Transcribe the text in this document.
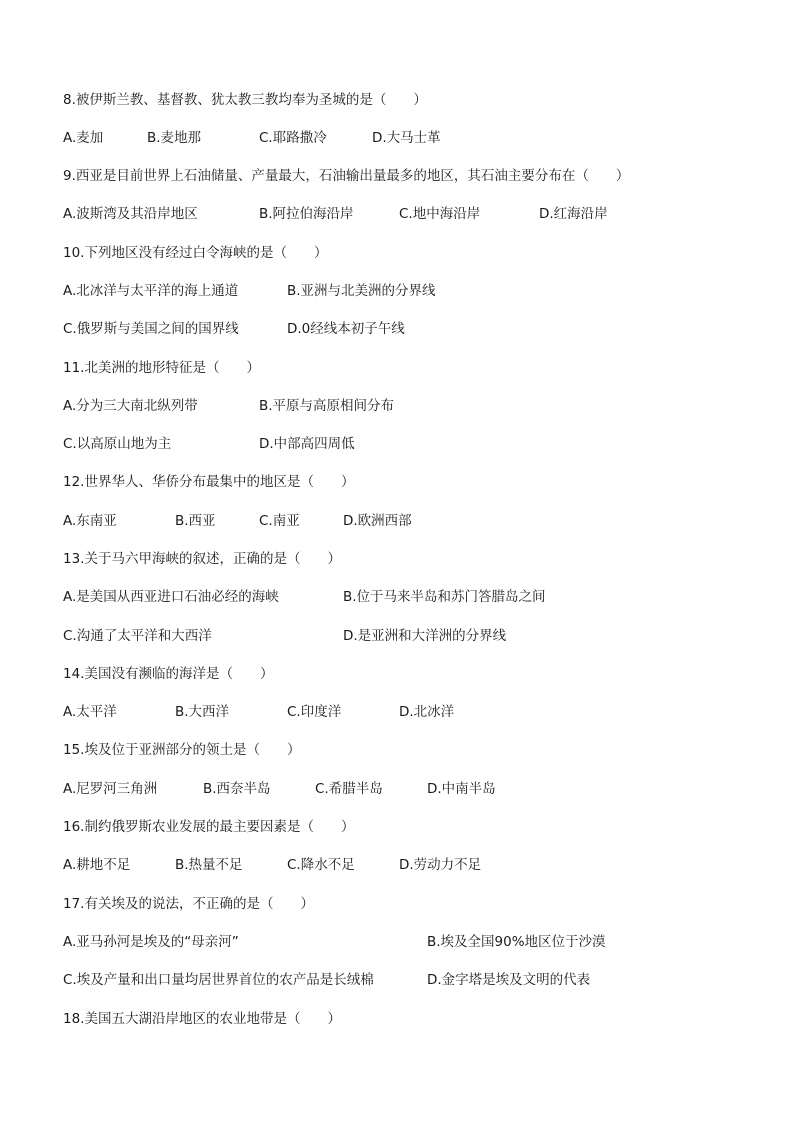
8.被伊斯兰教、基督教、犹太教三教均奉为圣城的是（　　）
A.麦加	B.麦地那	C.耶路撒冷	D.大马士革
9.西亚是目前世界上石油储量、产量最大，石油输出量最多的地区，其石油主要分布在（　　）
A.波斯湾及其沿岸地区	B.阿拉伯海沿岸	C.地中海沿岸	D.红海沿岸
10.下列地区没有经过白令海峡的是（　　）
A.北冰洋与太平洋的海上通道	B.亚洲与北美洲的分界线
C.俄罗斯与美国之间的国界线	D.0经线本初子午线
11.北美洲的地形特征是（　　）
A.分为三大南北纵列带	B.平原与高原相间分布
C.以高原山地为主	D.中部高四周低
12.世界华人、华侨分布最集中的地区是（　　）
A.东南亚	B.西亚	C.南亚	D.欧洲西部
13.关于马六甲海峡的叙述，正确的是（　　）
A.是美国从西亚进口石油必经的海峡	B.位于马来半岛和苏门答腊岛之间
C.沟通了太平洋和大西洋	D.是亚洲和大洋洲的分界线
14.美国没有濒临的海洋是（　　）
A.太平洋	B.大西洋	C.印度洋	D.北冰洋
15.埃及位于亚洲部分的领土是（　　）
A.尼罗河三角洲	B.西奈半岛	C.希腊半岛	D.中南半岛
16.制约俄罗斯农业发展的最主要因素是（　　）
A.耕地不足	B.热量不足	C.降水不足	D.劳动力不足
17.有关埃及的说法，不正确的是（　　）
A.亚马孙河是埃及的“母亲河”	B.埃及全国90%地区位于沙漠
C.埃及产量和出口量均居世界首位的农产品是长绒棉	D.金字塔是埃及文明的代表
18.美国五大湖沿岸地区的农业地带是（　　）
